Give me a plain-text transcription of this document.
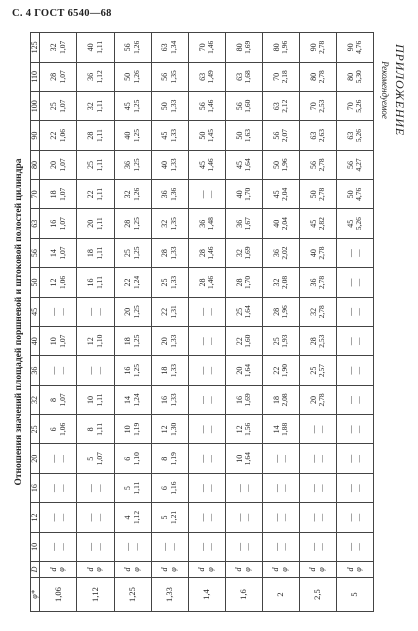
С. 4 ГОСТ 6540—68
ПРИЛОЖЕНИЕ
Рекомендуемое
Отношения значений площадей поршневой и штоковой полостей цилиндра
φ*	D	10	12	16	20	25	32	36	40	45	50	56	63	70	80	90	100	110	125
1,06	d φ	— —	— —	— —	— —	6 1,06	8 1,07	— —	10 1,07	— —	12 1,06	14 1,07	16 1,07	18 1,07	20 1,07	22 1,06	25 1,07	28 1,07	32 1,07

1,12	d φ	— —	— —	— —	5 1,07	8 1,11	10 1,11	— —	12 1,10	— —	16 1,11	18 1,11	20 1,11	22 1,11	25 1,11	28 1,11	32 1,11	36 1,12	40 1,11

1,25	d φ	— —	4 1,12	5 1,11	6 1,10	10 1,19	14 1,24	16 1,25	18 1,25	20 1,25	22 1,24	25 1,25	28 1,25	32 1,26	36 1,25	40 1,25	45 1,25	50 1,26	56 1,26

1,33	d φ	— —	5 1,21	6 1,16	8 1,19	12 1,30	16 1,33	18 1,33	20 1,33	22 1,31	25 1,33	28 1,33	32 1,35	36 1,36	40 1,33	45 1,33	50 1,33	56 1,35	63 1,34

1,4	d φ	— —	— —	— —	— —	— —	— —	— —	— —	— —	28 1,46	28 1,46	36 1,48	— —	45 1,46	50 1,45	56 1,46	63 1,49	70 1,46

1,6	d φ	— —	— —	— —	10 1,64	12 1,56	16 1,69	20 1,64	22 1,60	25 1,64	28 1,70	32 1,69	36 1,67	40 1,70	45 1,64	50 1,63	56 1,60	63 1,68	80 1,69

2	d φ	— —	— —	— —	— —	14 1,88	18 2,08	22 1,90	25 1,93	28 1,96	32 2,08	36 2,02	40 2,04	45 2,04	50 1,96	56 2,07	63 2,12	70 2,18	80 1,96

2,5	d φ	— —	— —	— —	— —	— —	20 2,78	25 2,57	28 2,53	32 2,78	36 2,78	40 2,78	45 2,82	50 2,78	56 2,78	63 2,63	70 2,53	80 2,78	90 2,78

5	d φ	— —	— —	— —	— —	— —	— —	— —	— —	— —	— —	— —	45 5,26	50 4,76	56 4,27	63 5,26	70 5,26	80 5,30	90 4,76
